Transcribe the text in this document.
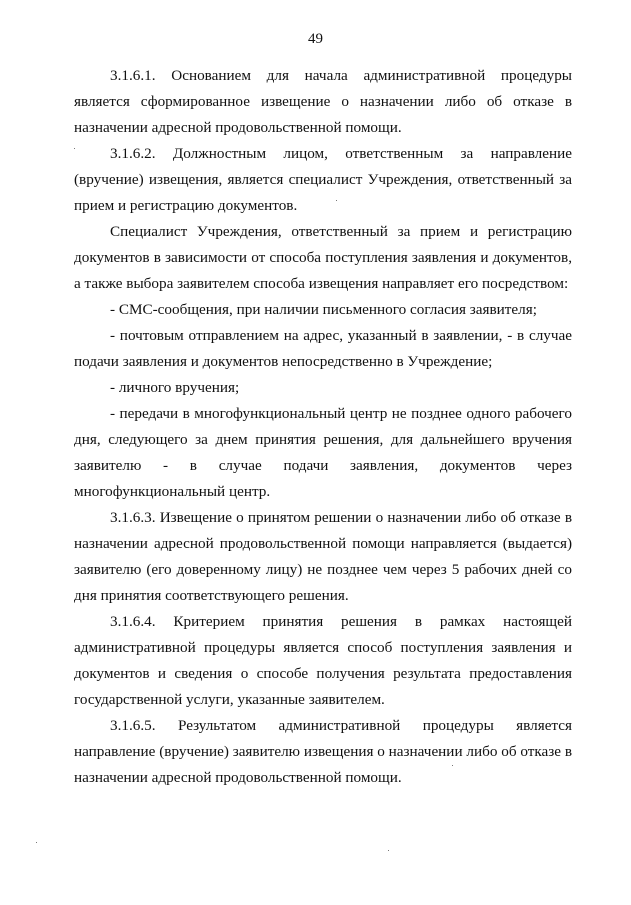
49

3.1.6.1. Основанием для начала административной процедуры является сформированное извещение о назначении либо об отказе в назначении адресной продовольственной помощи.

3.1.6.2. Должностным лицом, ответственным за направление (вручение) извещения, является специалист Учреждения, ответственный за прием и регистрацию документов.

Специалист Учреждения, ответственный за прием и регистрацию документов в зависимости от способа поступления заявления и документов, а также выбора заявителем способа извещения направляет его посредством:

- СМС-сообщения, при наличии письменного согласия заявителя;

- почтовым отправлением на адрес, указанный в заявлении, - в случае подачи заявления и документов непосредственно в Учреждение;

- личного вручения;

- передачи в многофункциональный центр не позднее одного рабочего дня, следующего за днем принятия решения, для дальнейшего вручения заявителю - в случае подачи заявления, документов через многофункциональный центр.

3.1.6.3. Извещение о принятом решении о назначении либо об отказе в назначении адресной продовольственной помощи направляется (выдается) заявителю (его доверенному лицу) не позднее чем через 5 рабочих дней со дня принятия соответствующего решения.

3.1.6.4. Критерием принятия решения в рамках настоящей административной процедуры является способ поступления заявления и документов и сведения о способе получения результата предоставления государственной услуги, указанные заявителем.

3.1.6.5. Результатом административной процедуры является направление (вручение) заявителю извещения о назначении либо об отказе в назначении адресной продовольственной помощи.
